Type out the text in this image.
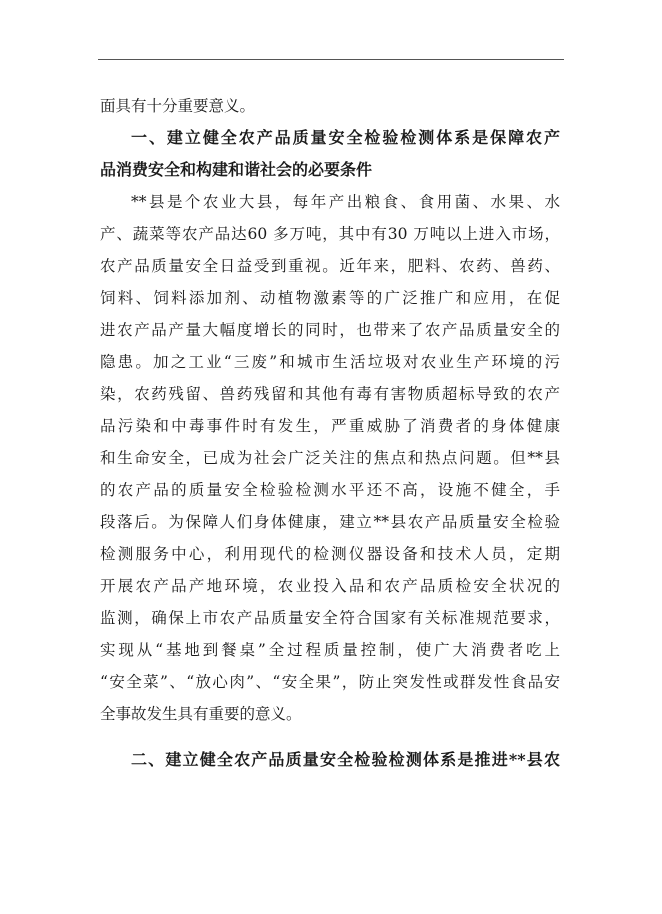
面具有十分重要意义。
一、建立健全农产品质量安全检验检测体系是保障农产
品消费安全和构建和谐社会的必要条件
**县是个农业大县，每年产出粮食、食用菌、水果、水
产、蔬菜等农产品达60 多万吨，其中有30 万吨以上进入市场，
农产品质量安全日益受到重视。近年来，肥料、农药、兽药、
饲料、饲料添加剂、动植物激素等的广泛推广和应用，在促
进农产品产量大幅度增长的同时，也带来了农产品质量安全的
隐患。加之工业“三废”和城市生活垃圾对农业生产环境的污
染，农药残留、兽药残留和其他有毒有害物质超标导致的农产
品污染和中毒事件时有发生，严重威胁了消费者的身体健康
和生命安全，已成为社会广泛关注的焦点和热点问题。但**县
的农产品的质量安全检验检测水平还不高，设施不健全，手
段落后。为保障人们身体健康，建立**县农产品质量安全检验
检测服务中心，利用现代的检测仪器设备和技术人员，定期
开展农产品产地环境，农业投入品和农产品质检安全状况的
监测，确保上市农产品质量安全符合国家有关标准规范要求，
实现从“基地到餐桌”全过程质量控制，使广大消费者吃上
“安全菜”、“放心肉”、“安全果”，防止突发性或群发性食品安
全事故发生具有重要的意义。
二、建立健全农产品质量安全检验检测体系是推进**县农
